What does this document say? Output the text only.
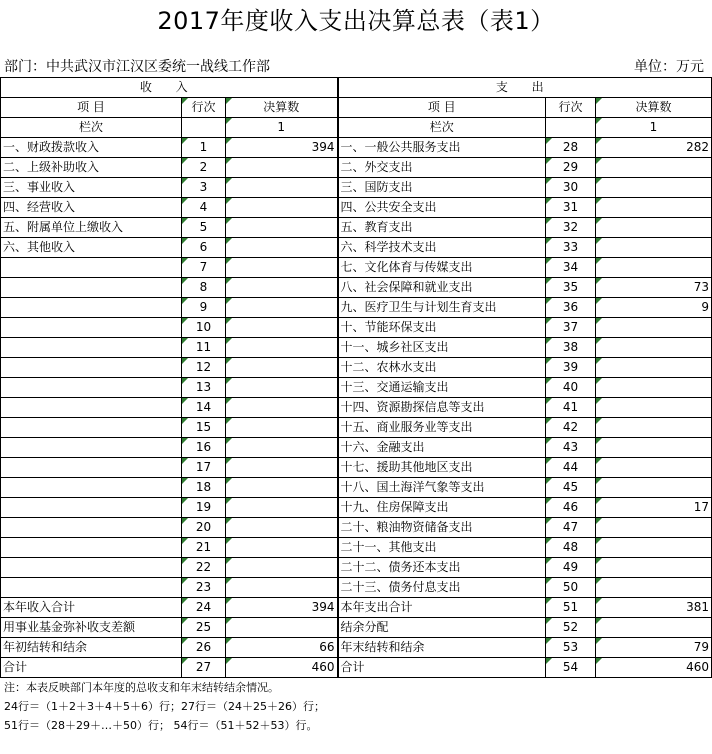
2017年度收入支出决算总表（表1）
部门：中共武汉市江汉区委统一战线工作部	单位：万元
收 入			支 出		
项 目	行次	决算数	项 目	行次	决算数
栏次		1	栏次		1
一、财政拨款收入	1	394	一、一般公共服务支出	28	282
二、上级补助收入	2		二、外交支出	29	
三、事业收入	3		三、国防支出	30	
四、经营收入	4		四、公共安全支出	31	
五、附属单位上缴收入	5		五、教育支出	32	
六、其他收入	6		六、科学技术支出	33	
	7		七、文化体育与传媒支出	34	
	8		八、社会保障和就业支出	35	73
	9		九、医疗卫生与计划生育支出	36	9
	10		十、节能环保支出	37	
	11		十一、城乡社区支出	38	
	12		十二、农林水支出	39	
	13		十三、交通运输支出	40	
	14		十四、资源勘探信息等支出	41	
	15		十五、商业服务业等支出	42	
	16		十六、金融支出	43	
	17		十七、援助其他地区支出	44	
	18		十八、国土海洋气象等支出	45	
	19		十九、住房保障支出	46	17
	20		二十、粮油物资储备支出	47	
	21		二十一、其他支出	48	
	22		二十二、债务还本支出	49	
	23		二十三、债务付息支出	50	
本年收入合计	24	394	本年支出合计	51	381
用事业基金弥补收支差额	25		结余分配	52	
年初结转和结余	26	66	年末结转和结余	53	79
合计	27	460	合计	54	460
注：本表反映部门本年度的总收支和年末结转结余情况。
24行＝（1＋2＋3＋4＋5＋6）行；27行＝（24＋25＋26）行；
51行＝（28＋29＋…＋50）行； 54行＝（51＋52＋53）行。
